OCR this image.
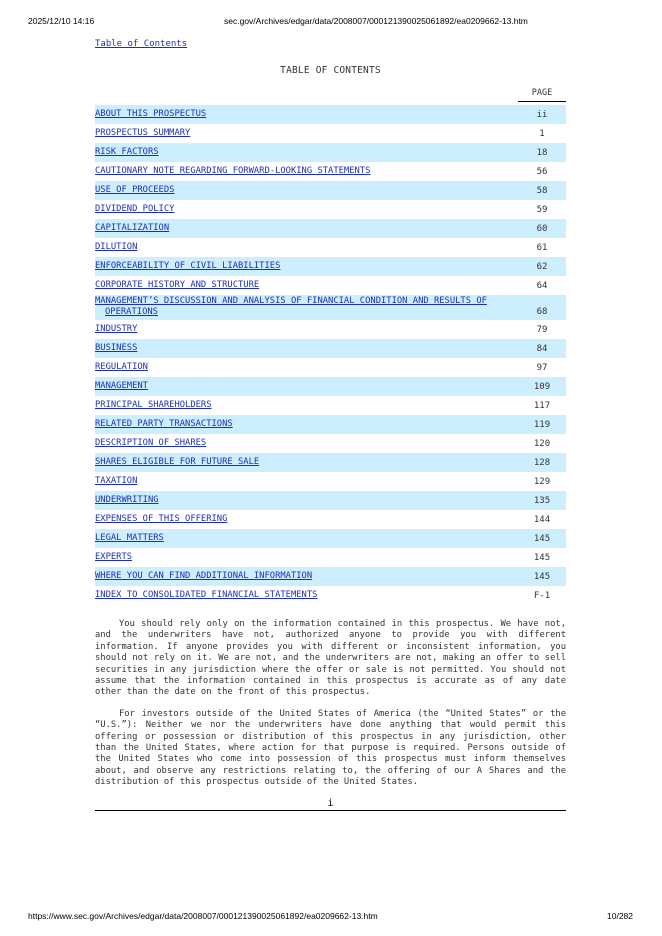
2025/12/10 14:16	sec.gov/Archives/edgar/data/2008007/000121390025061892/ea0209662-13.htm
Table of Contents
TABLE OF CONTENTS
PAGE
ABOUT THIS PROSPECTUS	ii
PROSPECTUS SUMMARY	1
RISK FACTORS	18
CAUTIONARY NOTE REGARDING FORWARD-LOOKING STATEMENTS	56
USE OF PROCEEDS	58
DIVIDEND POLICY	59
CAPITALIZATION	60
DILUTION	61
ENFORCEABILITY OF CIVIL LIABILITIES	62
CORPORATE HISTORY AND STRUCTURE	64
MANAGEMENT’S DISCUSSION AND ANALYSIS OF FINANCIAL CONDITION AND RESULTS OF
OPERATIONS	68
INDUSTRY	79
BUSINESS	84
REGULATION	97
MANAGEMENT	109
PRINCIPAL SHAREHOLDERS	117
RELATED PARTY TRANSACTIONS	119
DESCRIPTION OF SHARES	120
SHARES ELIGIBLE FOR FUTURE SALE	128
TAXATION	129
UNDERWRITING	135
EXPENSES OF THIS OFFERING	144
LEGAL MATTERS	145
EXPERTS	145
WHERE YOU CAN FIND ADDITIONAL INFORMATION	145
INDEX TO CONSOLIDATED FINANCIAL STATEMENTS	F-1

You should rely only on the information contained in this prospectus. We have not, and the underwriters have not, authorized anyone to provide you with different information. If anyone provides you with different or inconsistent information, you should not rely on it. We are not, and the underwriters are not, making an offer to sell securities in any jurisdiction where the offer or sale is not permitted. You should not assume that the information contained in this prospectus is accurate as of any date other than the date on the front of this prospectus.

For investors outside of the United States of America (the “United States” or the “U.S.”): Neither we nor the underwriters have done anything that would permit this offering or possession or distribution of this prospectus in any jurisdiction, other than the United States, where action for that purpose is required. Persons outside of the United States who come into possession of this prospectus must inform themselves about, and observe any restrictions relating to, the offering of our A Shares and the distribution of this prospectus outside of the United States.

i
https://www.sec.gov/Archives/edgar/data/2008007/000121390025061892/ea0209662-13.htm	10/282
